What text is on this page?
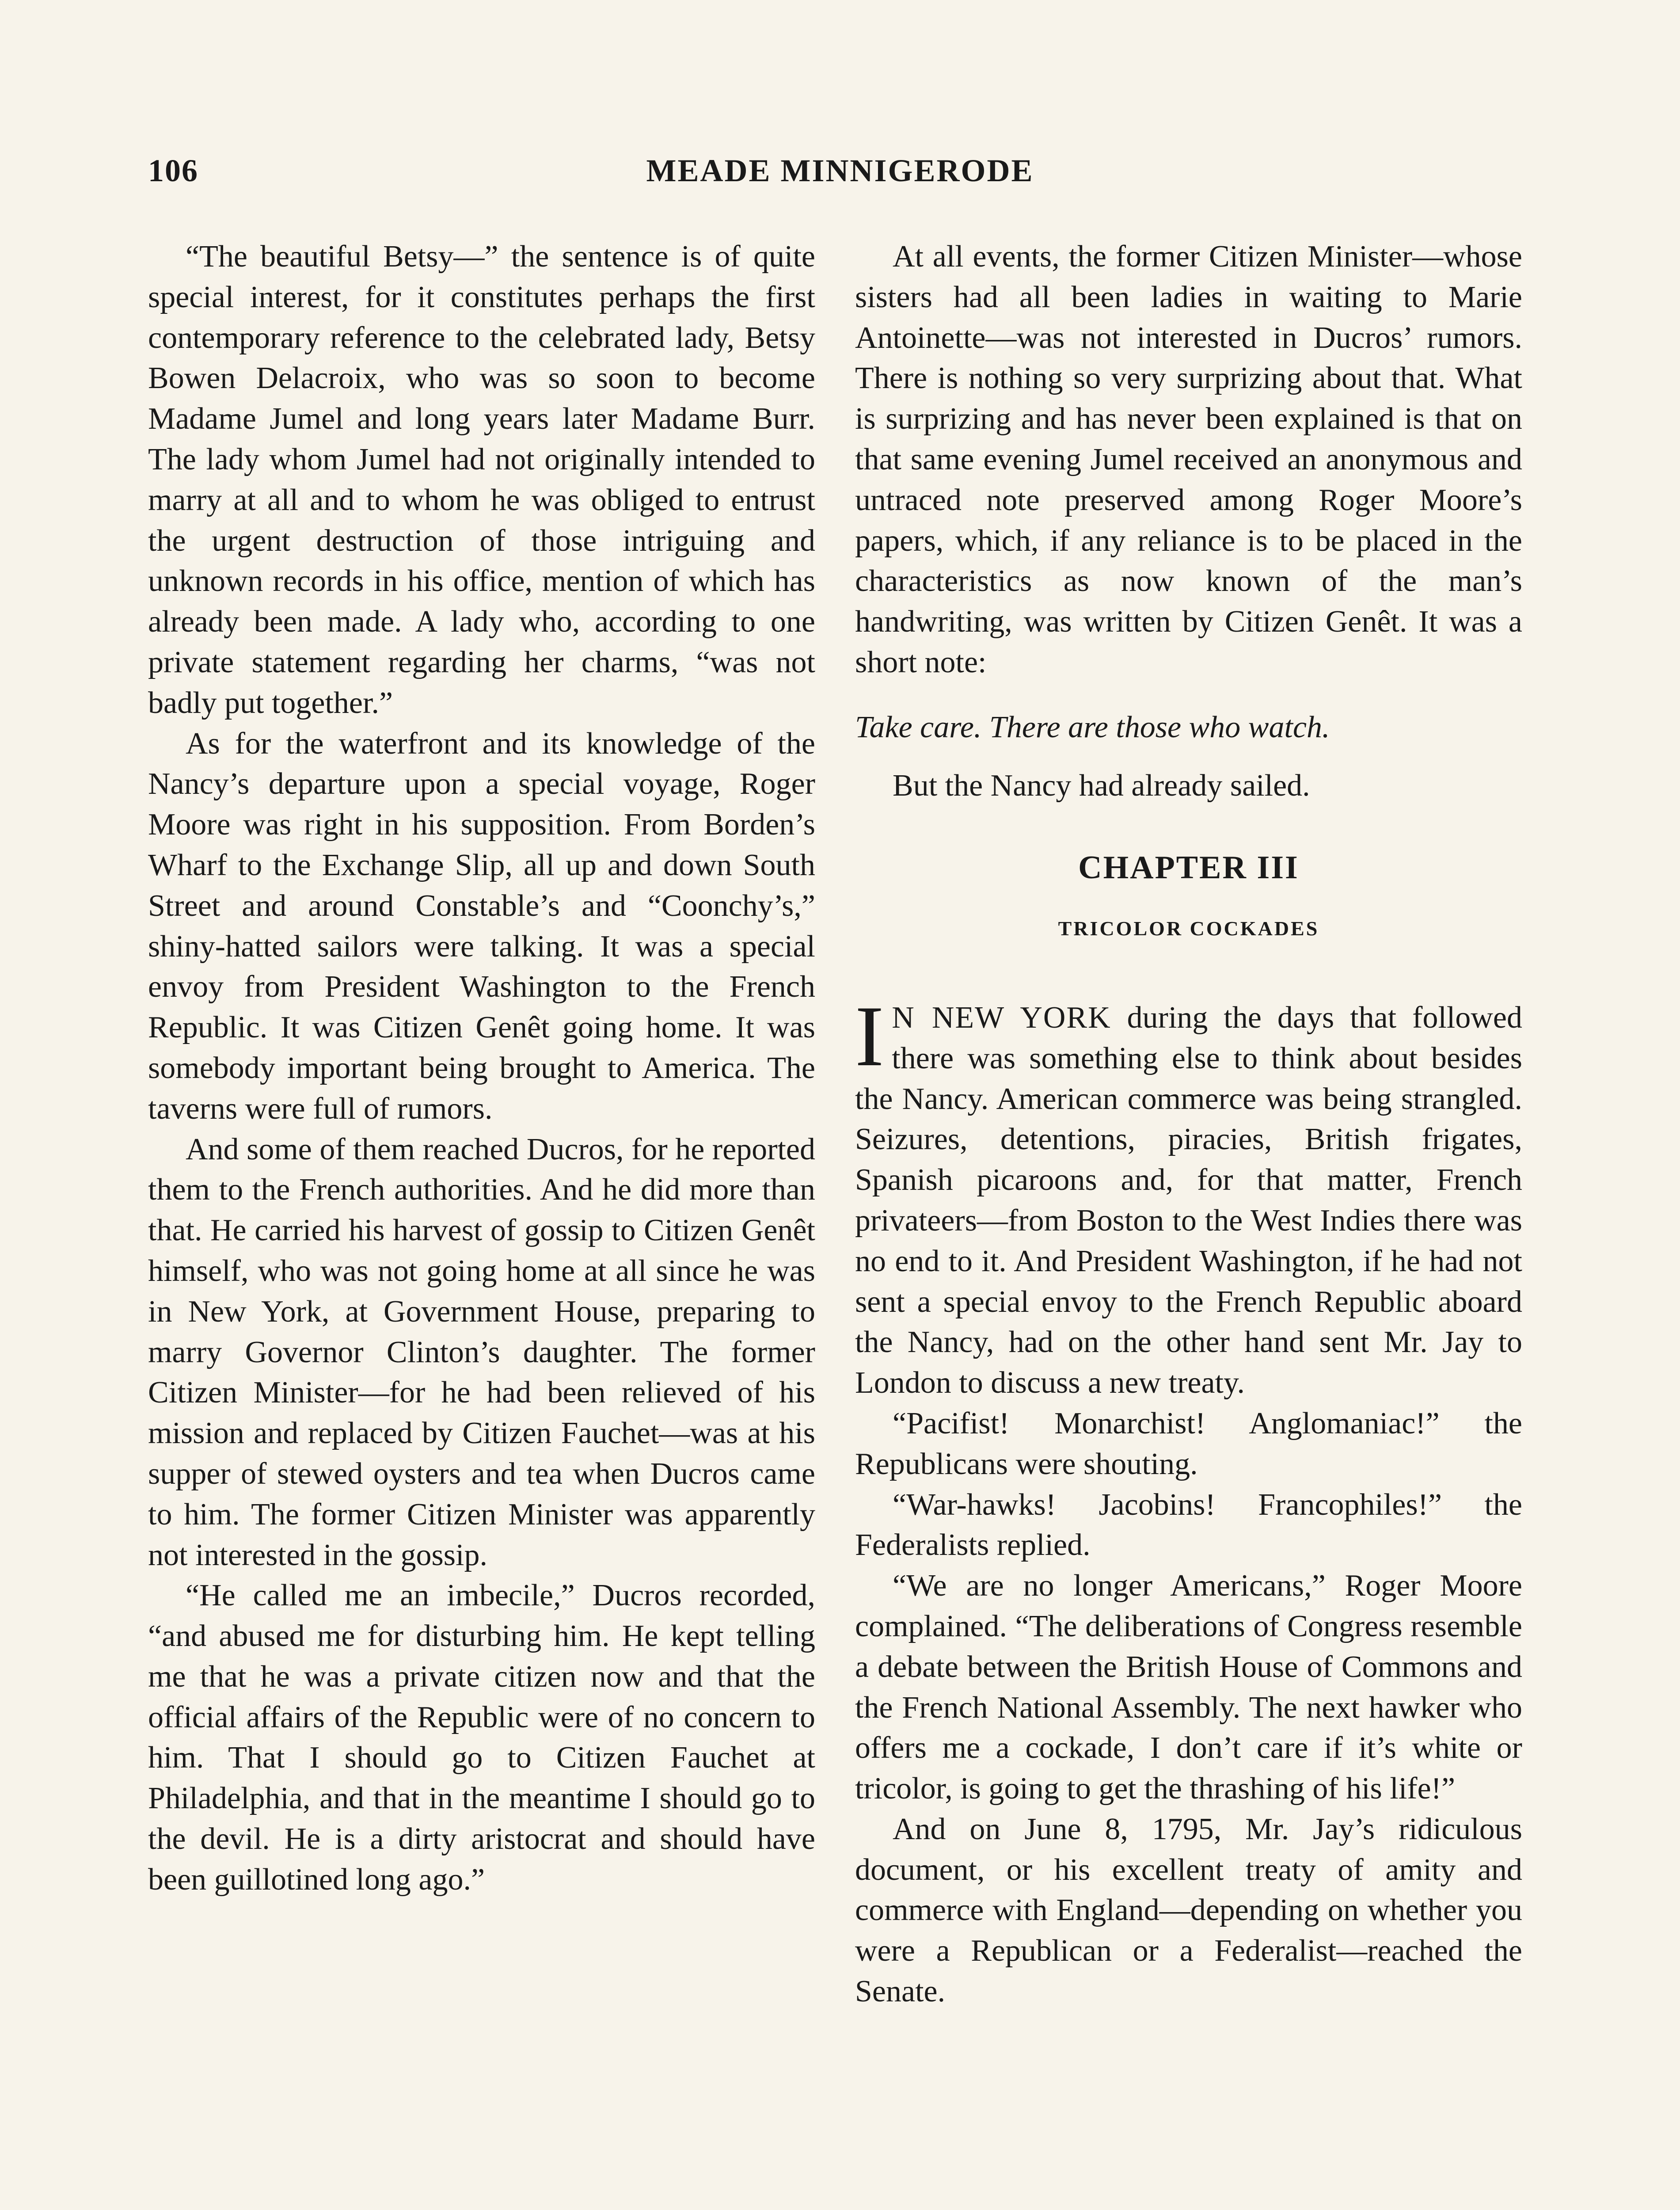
106	MEADE MINNIGERODE

“The beautiful Betsy—” the sentence is of quite special interest, for it constitutes perhaps the first contemporary reference to the celebrated lady, Betsy Bowen Delacroix, who was so soon to become Madame Jumel and long years later Madame Burr. The lady whom Jumel had not originally intended to marry at all and to whom he was obliged to entrust the urgent destruction of those intriguing and unknown records in his office, mention of which has already been made. A lady who, according to one private statement regarding her charms, “was not badly put together.”

As for the waterfront and its knowledge of the Nancy’s departure upon a special voyage, Roger Moore was right in his supposition. From Borden’s Wharf to the Exchange Slip, all up and down South Street and around Constable’s and “Coonchy’s,” shiny-hatted sailors were talking. It was a special envoy from President Washington to the French Republic. It was Citizen Genêt going home. It was somebody important being brought to America. The taverns were full of rumors.

And some of them reached Ducros, for he reported them to the French authorities. And he did more than that. He carried his harvest of gossip to Citizen Genêt himself, who was not going home at all since he was in New York, at Government House, preparing to marry Governor Clinton’s daughter. The former Citizen Minister—for he had been relieved of his mission and replaced by Citizen Fauchet—was at his supper of stewed oysters and tea when Ducros came to him. The former Citizen Minister was apparently not interested in the gossip.

“He called me an imbecile,” Ducros recorded, “and abused me for disturbing him. He kept telling me that he was a private citizen now and that the official affairs of the Republic were of no concern to him. That I should go to Citizen Fauchet at Philadelphia, and that in the meantime I should go to the devil. He is a dirty aristocrat and should have been guillotined long ago.”

At all events, the former Citizen Minister—whose sisters had all been ladies in waiting to Marie Antoinette—was not interested in Ducros’ rumors. There is nothing so very surprizing about that. What is surprizing and has never been explained is that on that same evening Jumel received an anonymous and untraced note preserved among Roger Moore’s papers, which, if any reliance is to be placed in the characteristics as now known of the man’s handwriting, was written by Citizen Genêt. It was a short note:

Take care. There are those who watch.

But the Nancy had already sailed.

CHAPTER III
TRICOLOR COCKADES

I N NEW YORK during the days that followed there was something else to think about besides the Nancy. American commerce was being strangled. Seizures, detentions, piracies, British frigates, Spanish picaroons and, for that matter, French privateers—from Boston to the West Indies there was no end to it. And President Washington, if he had not sent a special envoy to the French Republic aboard the Nancy, had on the other hand sent Mr. Jay to London to discuss a new treaty.

“Pacifist! Monarchist! Anglomaniac!” the Republicans were shouting.

“War-hawks! Jacobins! Francophiles!” the Federalists replied.

“We are no longer Americans,” Roger Moore complained. “The deliberations of Congress resemble a debate between the British House of Commons and the French National Assembly. The next hawker who offers me a cockade, I don’t care if it’s white or tricolor, is going to get the thrashing of his life!”

And on June 8, 1795, Mr. Jay’s ridiculous document, or his excellent treaty of amity and commerce with England—depending on whether you were a Republican or a Federalist—reached the Senate.
